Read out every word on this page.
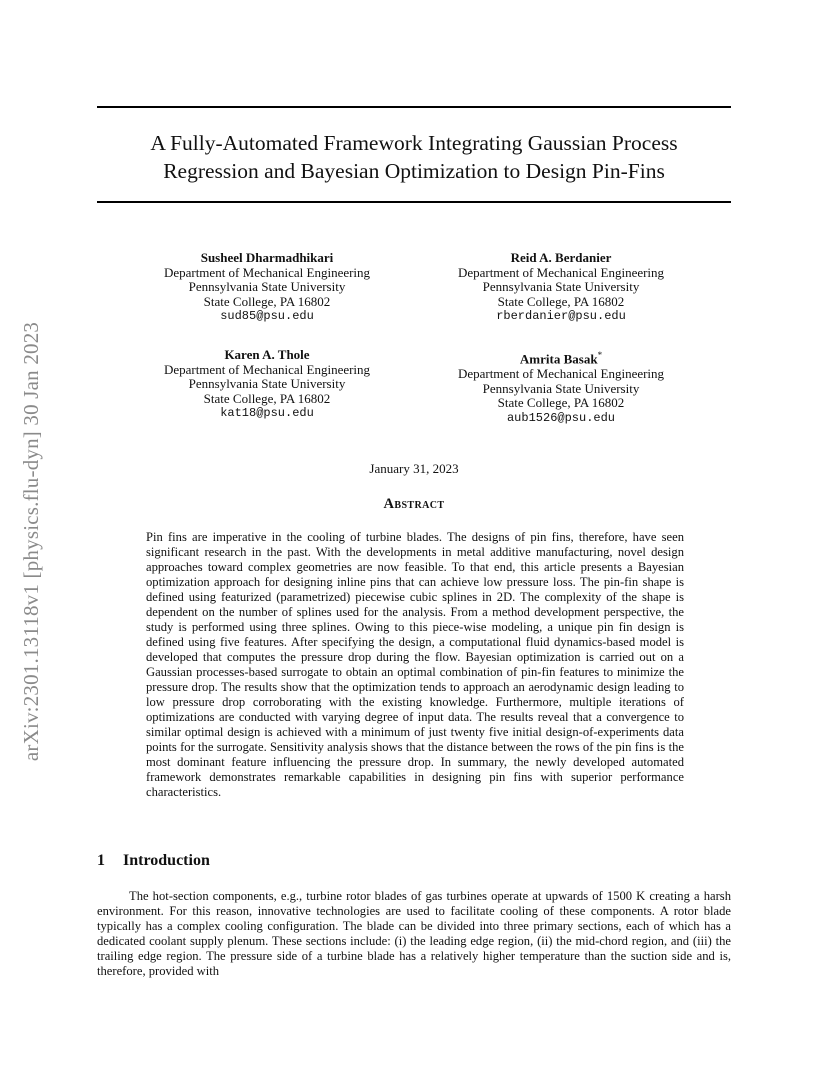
A Fully-Automated Framework Integrating Gaussian Process
Regression and Bayesian Optimization to Design Pin-Fins
arXiv:2301.13118v1 [physics.flu-dyn] 30 Jan 2023
Susheel Dharmadhikari
Department of Mechanical Engineering
Pennsylvania State University
State College, PA 16802
sud85@psu.edu
Reid A. Berdanier
Department of Mechanical Engineering
Pennsylvania State University
State College, PA 16802
rberdanier@psu.edu
Karen A. Thole
Department of Mechanical Engineering
Pennsylvania State University
State College, PA 16802
kat18@psu.edu
Amrita Basak*
Department of Mechanical Engineering
Pennsylvania State University
State College, PA 16802
aub1526@psu.edu
January 31, 2023
Abstract

Pin fins are imperative in the cooling of turbine blades. The designs of pin fins, therefore, have seen significant research in the past. With the developments in metal additive manufacturing, novel design approaches toward complex geometries are now feasible. To that end, this article presents a Bayesian optimization approach for designing inline pins that can achieve low pressure loss. The pin-fin shape is defined using featurized (parametrized) piecewise cubic splines in 2D. The complexity of the shape is dependent on the number of splines used for the analysis. From a method development perspective, the study is performed using three splines. Owing to this piece-wise modeling, a unique pin fin design is defined using five features. After specifying the design, a computational fluid dynamics-based model is developed that computes the pressure drop during the flow. Bayesian optimization is carried out on a Gaussian processes-based surrogate to obtain an optimal combination of pin-fin features to minimize the pressure drop. The results show that the optimization tends to approach an aerodynamic design leading to low pressure drop corroborating with the existing knowledge. Furthermore, multiple iterations of optimizations are conducted with varying degree of input data. The results reveal that a convergence to similar optimal design is achieved with a minimum of just twenty five initial design-of-experiments data points for the surrogate. Sensitivity analysis shows that the distance between the rows of the pin fins is the most dominant feature influencing the pressure drop. In summary, the newly developed automated framework demonstrates remarkable capabilities in designing pin fins with superior performance characteristics.

1 Introduction

The hot-section components, e.g., turbine rotor blades of gas turbines operate at upwards of 1500 K creating a harsh environment. For this reason, innovative technologies are used to facilitate cooling of these components. A rotor blade typically has a complex cooling configuration. The blade can be divided into three primary sections, each of which has a dedicated coolant supply plenum. These sections include: (i) the leading edge region, (ii) the mid-chord region, and (iii) the trailing edge region. The pressure side of a turbine blade has a relatively higher temperature than the suction side and is, therefore, provided with
